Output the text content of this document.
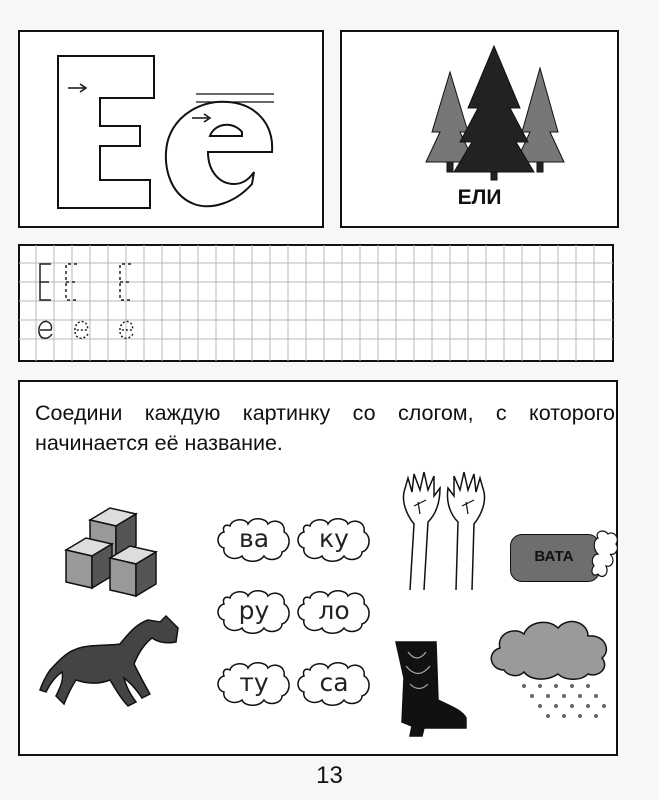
ЕЛИ
Соедини каждую картинку со слогом, с которого начинается её название.
ва	ку
ру	ло
ту	са
ВАТА
13
